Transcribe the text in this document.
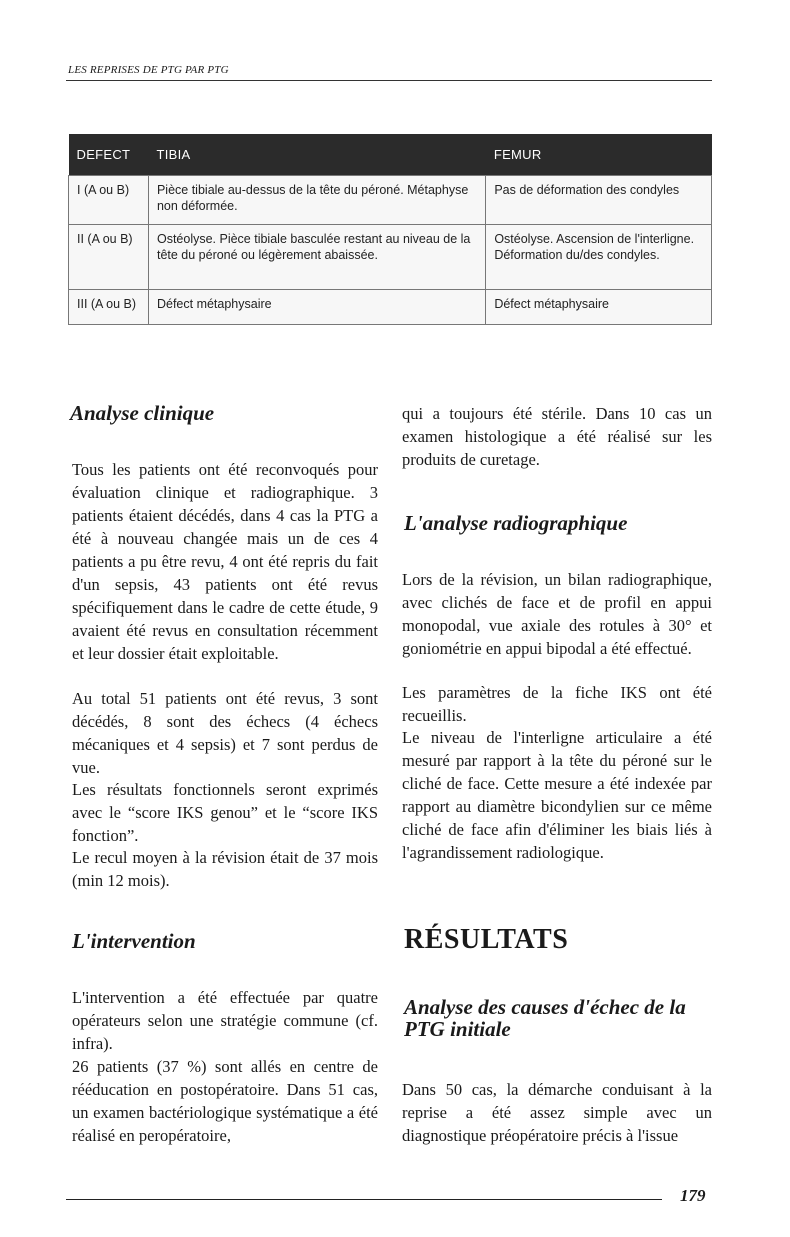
LES REPRISES DE PTG PAR PTG
DEFECT	TIBIA	FEMUR
I (A ou B)	Pièce tibiale au-dessus de la tête du péroné. Métaphyse non déformée.	Pas de déformation des condyles
II (A ou B)	Ostéolyse. Pièce tibiale basculée restant au niveau de la tête du péroné ou légèrement abaissée.	Ostéolyse. Ascension de l'interligne. Déformation du/des condyles.
III (A ou B)	Défect métaphysaire	Défect métaphysaire
Analyse clinique

Tous les patients ont été reconvoqués pour évaluation clinique et radiographique. 3 patients étaient décédés, dans 4 cas la PTG a été à nouveau changée mais un de ces 4 patients a pu être revu, 4 ont été repris du fait d'un sepsis, 43 patients ont été revus spécifiquement dans le cadre de cette étude, 9 avaient été revus en consultation récemment et leur dossier était exploitable.

Au total 51 patients ont été revus, 3 sont décédés, 8 sont des échecs (4 échecs mécaniques et 4 sepsis) et 7 sont perdus de vue.

Les résultats fonctionnels seront exprimés avec le “score IKS genou” et le “score IKS fonction”.

Le recul moyen à la révision était de 37 mois (min 12 mois).

L'intervention

L'intervention a été effectuée par quatre opérateurs selon une stratégie commune (cf. infra).

26 patients (37 %) sont allés en centre de rééducation en postopératoire. Dans 51 cas, un examen bactériologique systématique a été réalisé en peropératoire,

qui a toujours été stérile. Dans 10 cas un examen histologique a été réalisé sur les produits de curetage.

L'analyse radiographique

Lors de la révision, un bilan radiographique, avec clichés de face et de profil en appui monopodal, vue axiale des rotules à 30° et goniométrie en appui bipodal a été effectué.

Les paramètres de la fiche IKS ont été recueillis.

Le niveau de l'interligne articulaire a été mesuré par rapport à la tête du péroné sur le cliché de face. Cette mesure a été indexée par rapport au diamètre bicondylien sur ce même cliché de face afin d'éliminer les biais liés à l'agrandissement radiologique.

RÉSULTATS
Analyse des causes d'échec de la PTG initiale

Dans 50 cas, la démarche conduisant à la reprise a été assez simple avec un diagnostique préopératoire précis à l'issue

179
